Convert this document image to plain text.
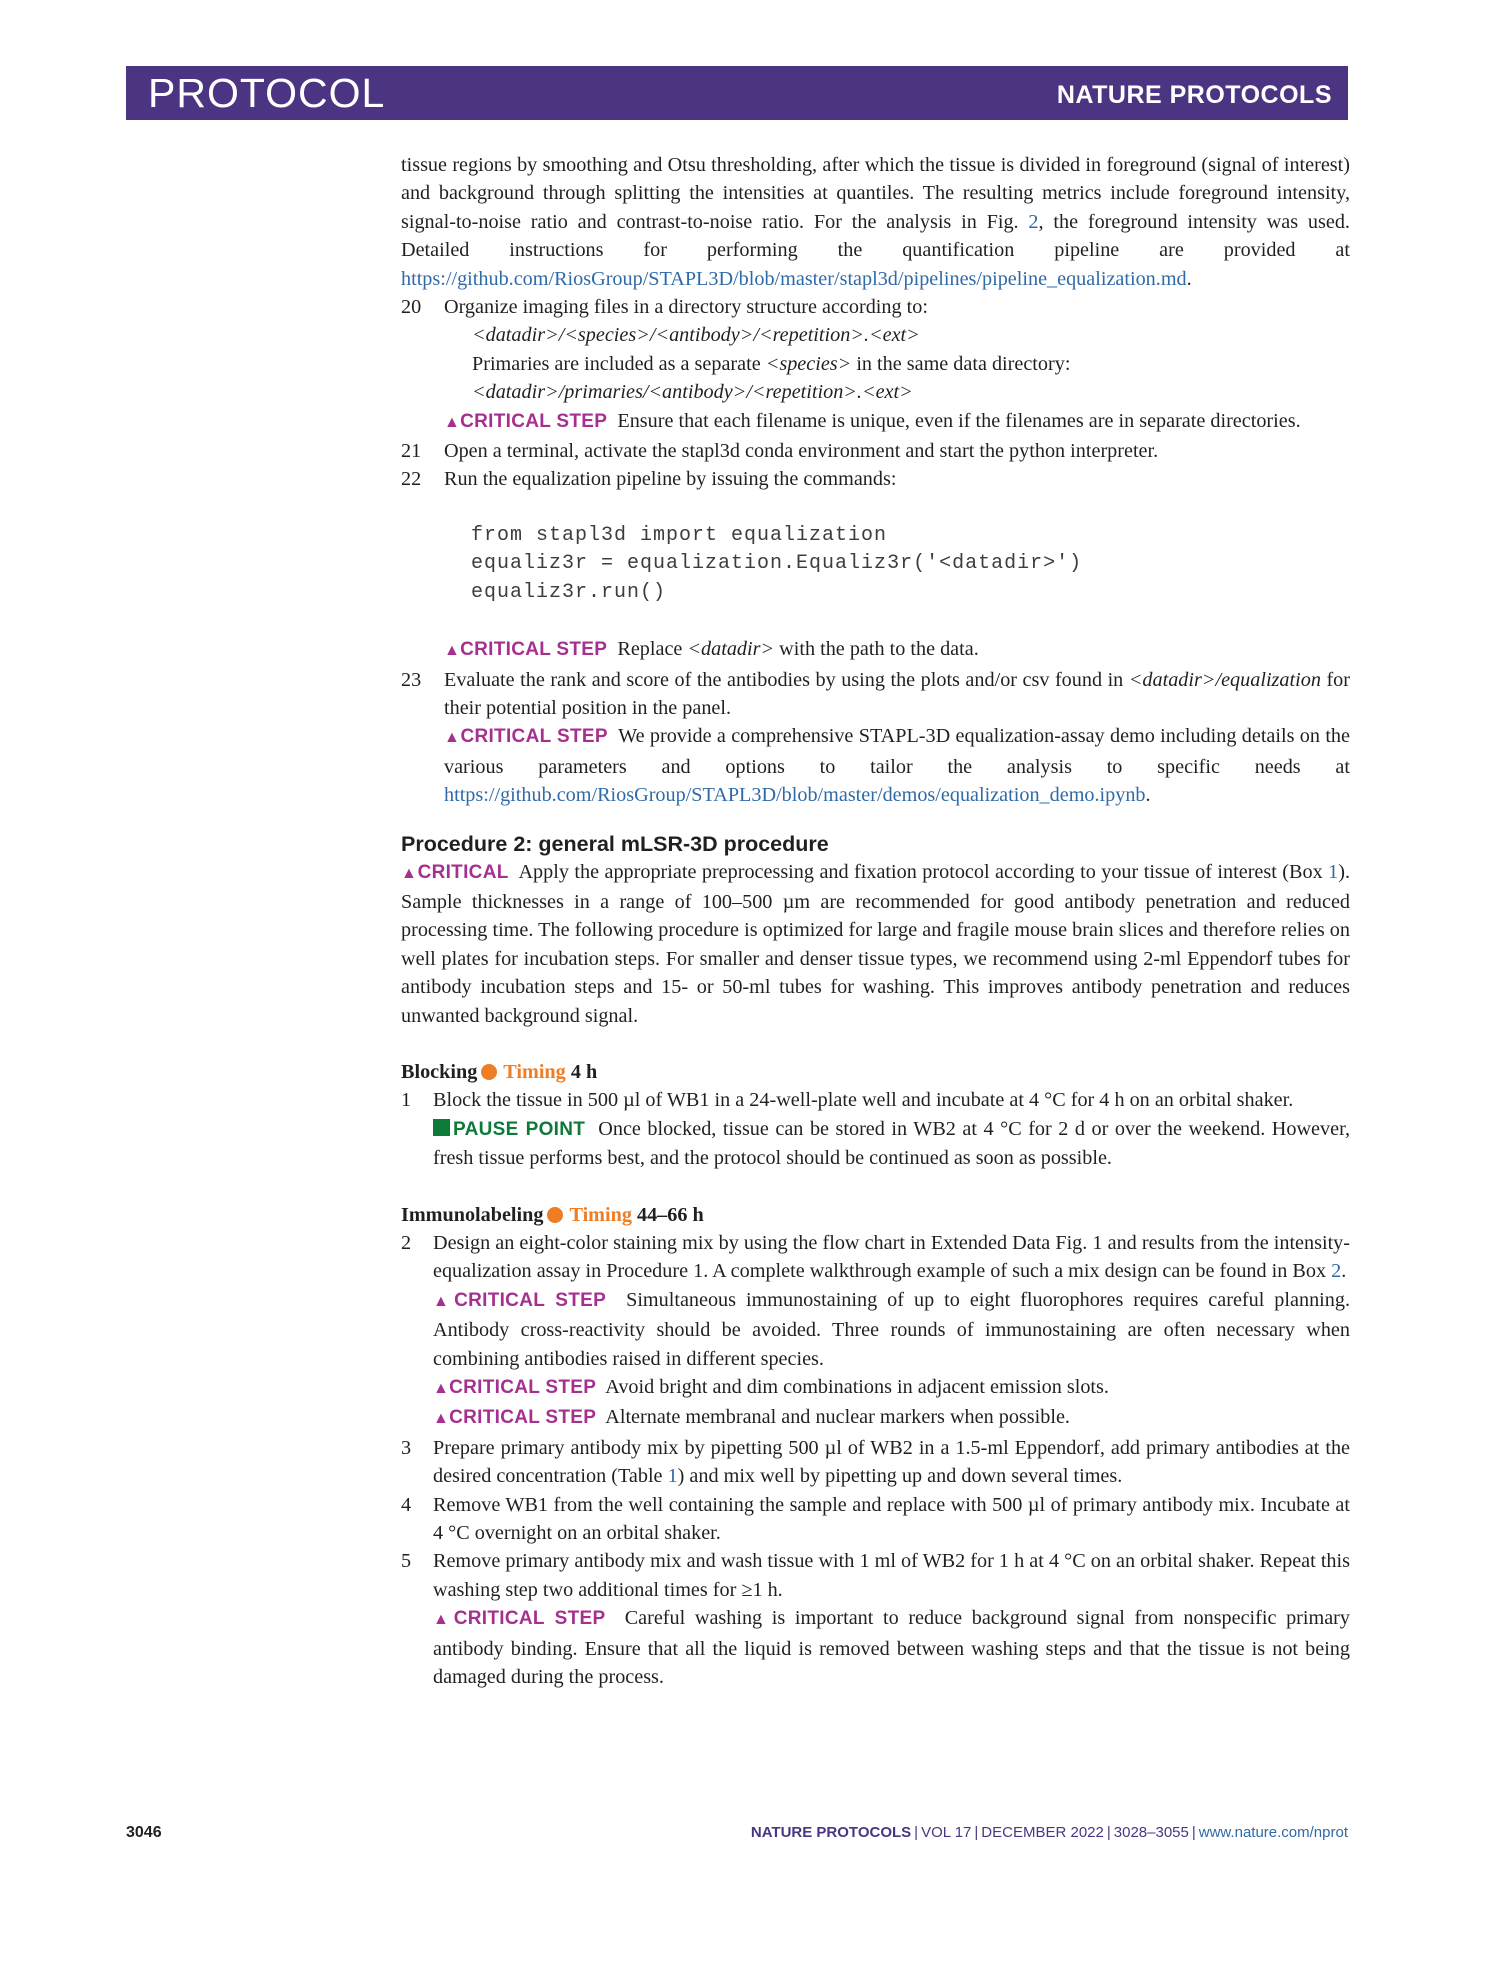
PROTOCOL	NATURE PROTOCOLS

tissue regions by smoothing and Otsu thresholding, after which the tissue is divided in foreground (signal of interest) and background through splitting the intensities at quantiles. The resulting metrics include foreground intensity, signal-to-noise ratio and contrast-to-noise ratio. For the analysis in Fig. 2, the foreground intensity was used. Detailed instructions for performing the quantification pipeline are provided at https://github.com/RiosGroup/STAPL3D/blob/master/stapl3d/pipelines/pipeline_equalization.md.

20 Organize imaging files in a directory structure according to:

<datadir>/<species>/<antibody>/<repetition>.<ext>
Primaries are included as a separate <species> in the same data directory:
<datadir>/primaries/<antibody>/<repetition>.<ext>

▲CRITICAL STEP Ensure that each filename is unique, even if the filenames are in separate directories.

21 Open a terminal, activate the stapl3d conda environment and start the python interpreter.

22 Run the equalization pipeline by issuing the commands:

from stapl3d import equalization
equaliz3r = equalization.Equaliz3r('<datadir>')
equaliz3r.run()

▲CRITICAL STEP Replace <datadir> with the path to the data.

23 Evaluate the rank and score of the antibodies by using the plots and/or csv found in <datadir>/equalization for their potential position in the panel.

▲CRITICAL STEP We provide a comprehensive STAPL-3D equalization-assay demo including details on the various parameters and options to tailor the analysis to specific needs at https://github.com/RiosGroup/STAPL3D/blob/master/demos/equalization_demo.ipynb.

Procedure 2: general mLSR-3D procedure

▲CRITICAL Apply the appropriate preprocessing and fixation protocol according to your tissue of interest (Box 1). Sample thicknesses in a range of 100–500 µm are recommended for good antibody penetration and reduced processing time. The following procedure is optimized for large and fragile mouse brain slices and therefore relies on well plates for incubation steps. For smaller and denser tissue types, we recommend using 2-ml Eppendorf tubes for antibody incubation steps and 15- or 50-ml tubes for washing. This improves antibody penetration and reduces unwanted background signal.

Blocking Timing 4 h

1 Block the tissue in 500 µl of WB1 in a 24-well-plate well and incubate at 4 °C for 4 h on an orbital shaker.

PAUSE POINT Once blocked, tissue can be stored in WB2 at 4 °C for 2 d or over the weekend. However, fresh tissue performs best, and the protocol should be continued as soon as possible.

Immunolabeling Timing 44–66 h

2 Design an eight-color staining mix by using the flow chart in Extended Data Fig. 1 and results from the intensity-equalization assay in Procedure 1. A complete walkthrough example of such a mix design can be found in Box 2.

▲CRITICAL STEP Simultaneous immunostaining of up to eight fluorophores requires careful planning. Antibody cross-reactivity should be avoided. Three rounds of immunostaining are often necessary when combining antibodies raised in different species.

▲CRITICAL STEP Avoid bright and dim combinations in adjacent emission slots.

▲CRITICAL STEP Alternate membranal and nuclear markers when possible.

3 Prepare primary antibody mix by pipetting 500 µl of WB2 in a 1.5-ml Eppendorf, add primary antibodies at the desired concentration (Table 1) and mix well by pipetting up and down several times.

4 Remove WB1 from the well containing the sample and replace with 500 µl of primary antibody mix. Incubate at 4 °C overnight on an orbital shaker.

5 Remove primary antibody mix and wash tissue with 1 ml of WB2 for 1 h at 4 °C on an orbital shaker. Repeat this washing step two additional times for ≥1 h.

▲CRITICAL STEP Careful washing is important to reduce background signal from nonspecific primary antibody binding. Ensure that all the liquid is removed between washing steps and that the tissue is not being damaged during the process.

3046	NATURE PROTOCOLS | VOL 17 | DECEMBER 2022 | 3028–3055 | www.nature.com/nprot
